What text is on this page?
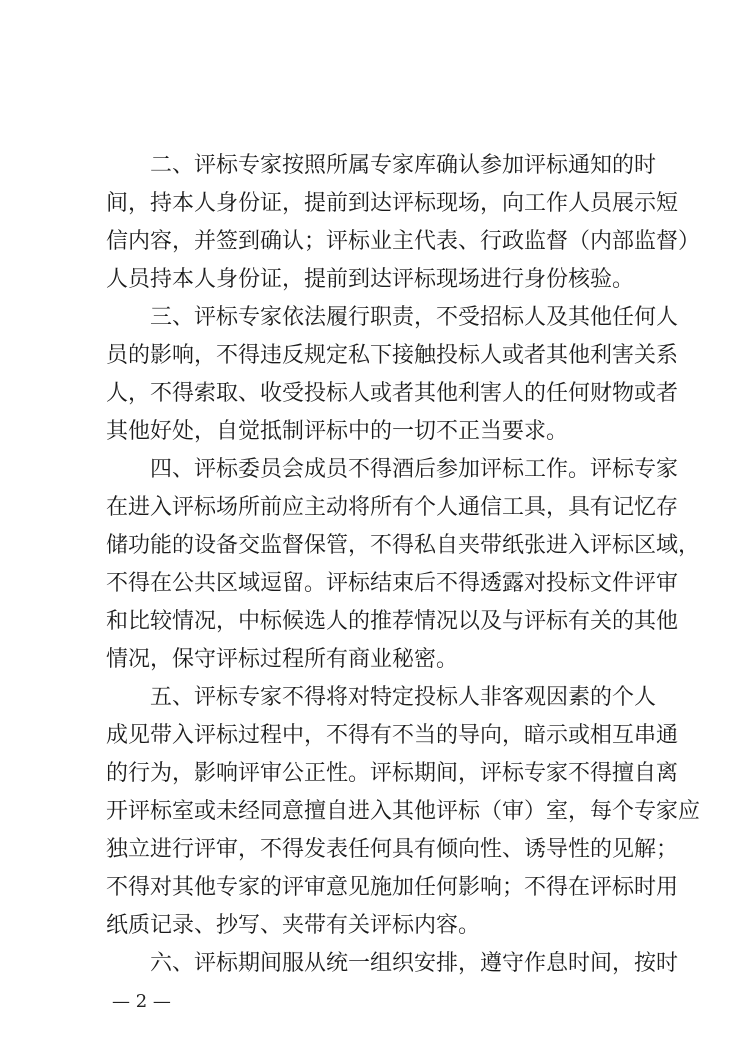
二、评标专家按照所属专家库确认参加评标通知的时
间，持本人身份证，提前到达评标现场，向工作人员展示短
信内容，并签到确认；评标业主代表、行政监督（内部监督）
人员持本人身份证，提前到达评标现场进行身份核验。
三、评标专家依法履行职责，不受招标人及其他任何人
员的影响，不得违反规定私下接触投标人或者其他利害关系
人，不得索取、收受投标人或者其他利害人的任何财物或者
其他好处，自觉抵制评标中的一切不正当要求。
四、评标委员会成员不得酒后参加评标工作。评标专家
在进入评标场所前应主动将所有个人通信工具，具有记忆存
储功能的设备交监督保管，不得私自夹带纸张进入评标区域，
不得在公共区域逗留。评标结束后不得透露对投标文件评审
和比较情况，中标候选人的推荐情况以及与评标有关的其他
情况，保守评标过程所有商业秘密。
五、评标专家不得将对特定投标人非客观因素的个人
成见带入评标过程中，不得有不当的导向，暗示或相互串通
的行为，影响评审公正性。评标期间，评标专家不得擅自离
开评标室或未经同意擅自进入其他评标（审）室，每个专家应
独立进行评审，不得发表任何具有倾向性、诱导性的见解；
不得对其他专家的评审意见施加任何影响；不得在评标时用
纸质记录、抄写、夹带有关评标内容。
六、评标期间服从统一组织安排，遵守作息时间，按时
— 2 —
